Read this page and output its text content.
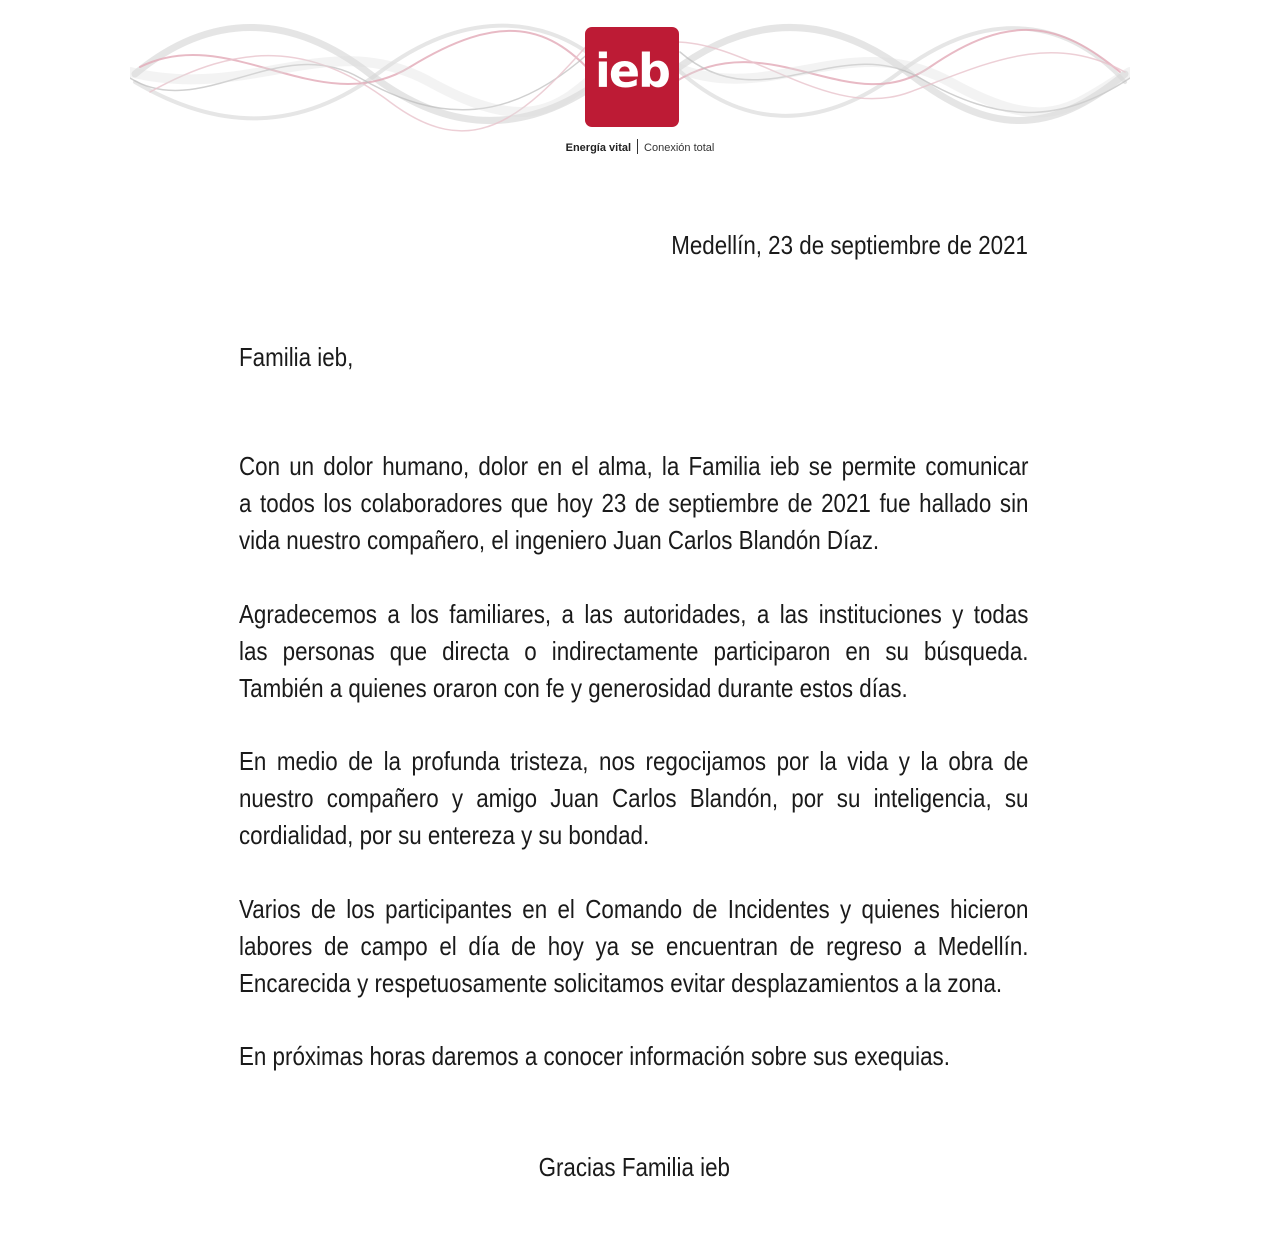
ieb
Energía vital Conexión total
Medellín, 23 de septiembre de 2021
Familia ieb,
Con un dolor humano, dolor en el alma, la Familia ieb se permite comunicar
a todos los colaboradores que hoy 23 de septiembre de 2021 fue hallado sin
vida nuestro compañero, el ingeniero Juan Carlos Blandón Díaz.
Agradecemos a los familiares, a las autoridades, a las instituciones y todas
las personas que directa o indirectamente participaron en su búsqueda.
También a quienes oraron con fe y generosidad durante estos días.
En medio de la profunda tristeza, nos regocijamos por la vida y la obra de
nuestro compañero y amigo Juan Carlos Blandón, por su inteligencia, su
cordialidad, por su entereza y su bondad.
Varios de los participantes en el Comando de Incidentes y quienes hicieron
labores de campo el día de hoy ya se encuentran de regreso a Medellín.
Encarecida y respetuosamente solicitamos evitar desplazamientos a la zona.
En próximas horas daremos a conocer información sobre sus exequias.
Gracias Familia ieb
